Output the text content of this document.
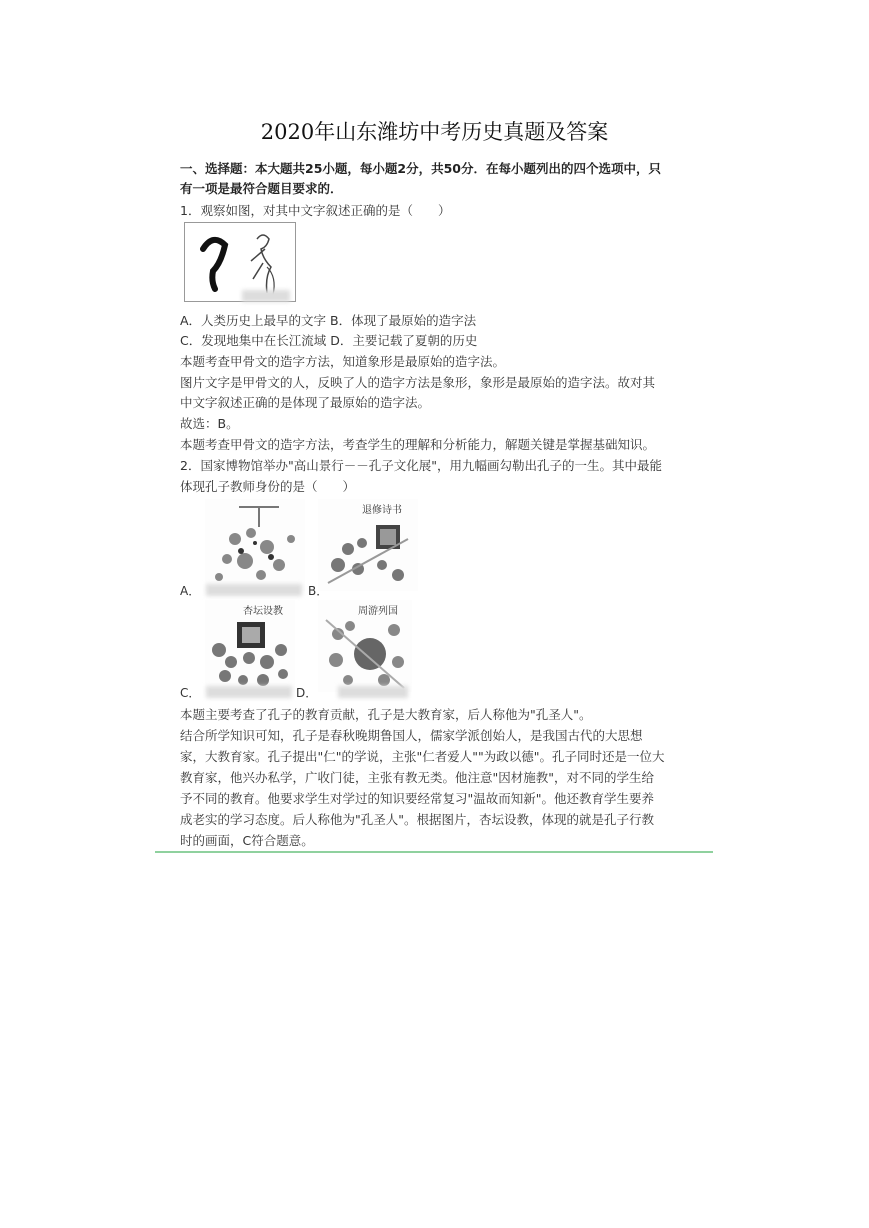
2020年山东潍坊中考历史真题及答案
一、选择题：本大题共25小题，每小题2分，共50分．在每小题列出的四个选项中，只
有一项是最符合题目要求的．
1．观察如图，对其中文字叙述正确的是（　　）
A．人类历史上最早的文字 B．体现了最原始的造字法
C．发现地集中在长江流域 D．主要记载了夏朝的历史
本题考查甲骨文的造字方法，知道象形是最原始的造字法。
图片文字是甲骨文的人，反映了人的造字方法是象形，象形是最原始的造字法。故对其
中文字叙述正确的是体现了最原始的造字法。
故选：B。
本题考查甲骨文的造字方法，考查学生的理解和分析能力，解题关键是掌握基础知识。
2．国家博物馆举办"高山景行－－孔子文化展"，用九幅画勾勒出孔子的一生。其中最能
体现孔子教师身份的是（　　）
A．
退修诗书
B．
杏坛设教
C．
周游列国
D．
本题主要考查了孔子的教育贡献，孔子是大教育家，后人称他为"孔圣人"。
结合所学知识可知，孔子是春秋晚期鲁国人，儒家学派创始人，是我国古代的大思想
家，大教育家。孔子提出"仁"的学说，主张"仁者爱人""为政以德"。孔子同时还是一位大
教育家，他兴办私学，广收门徒，主张有教无类。他注意"因材施教"，对不同的学生给
予不同的教育。他要求学生对学过的知识要经常复习"温故而知新"。他还教育学生要养
成老实的学习态度。后人称他为"孔圣人"。根据图片，杏坛设教，体现的就是孔子行教
时的画面，C符合题意。
